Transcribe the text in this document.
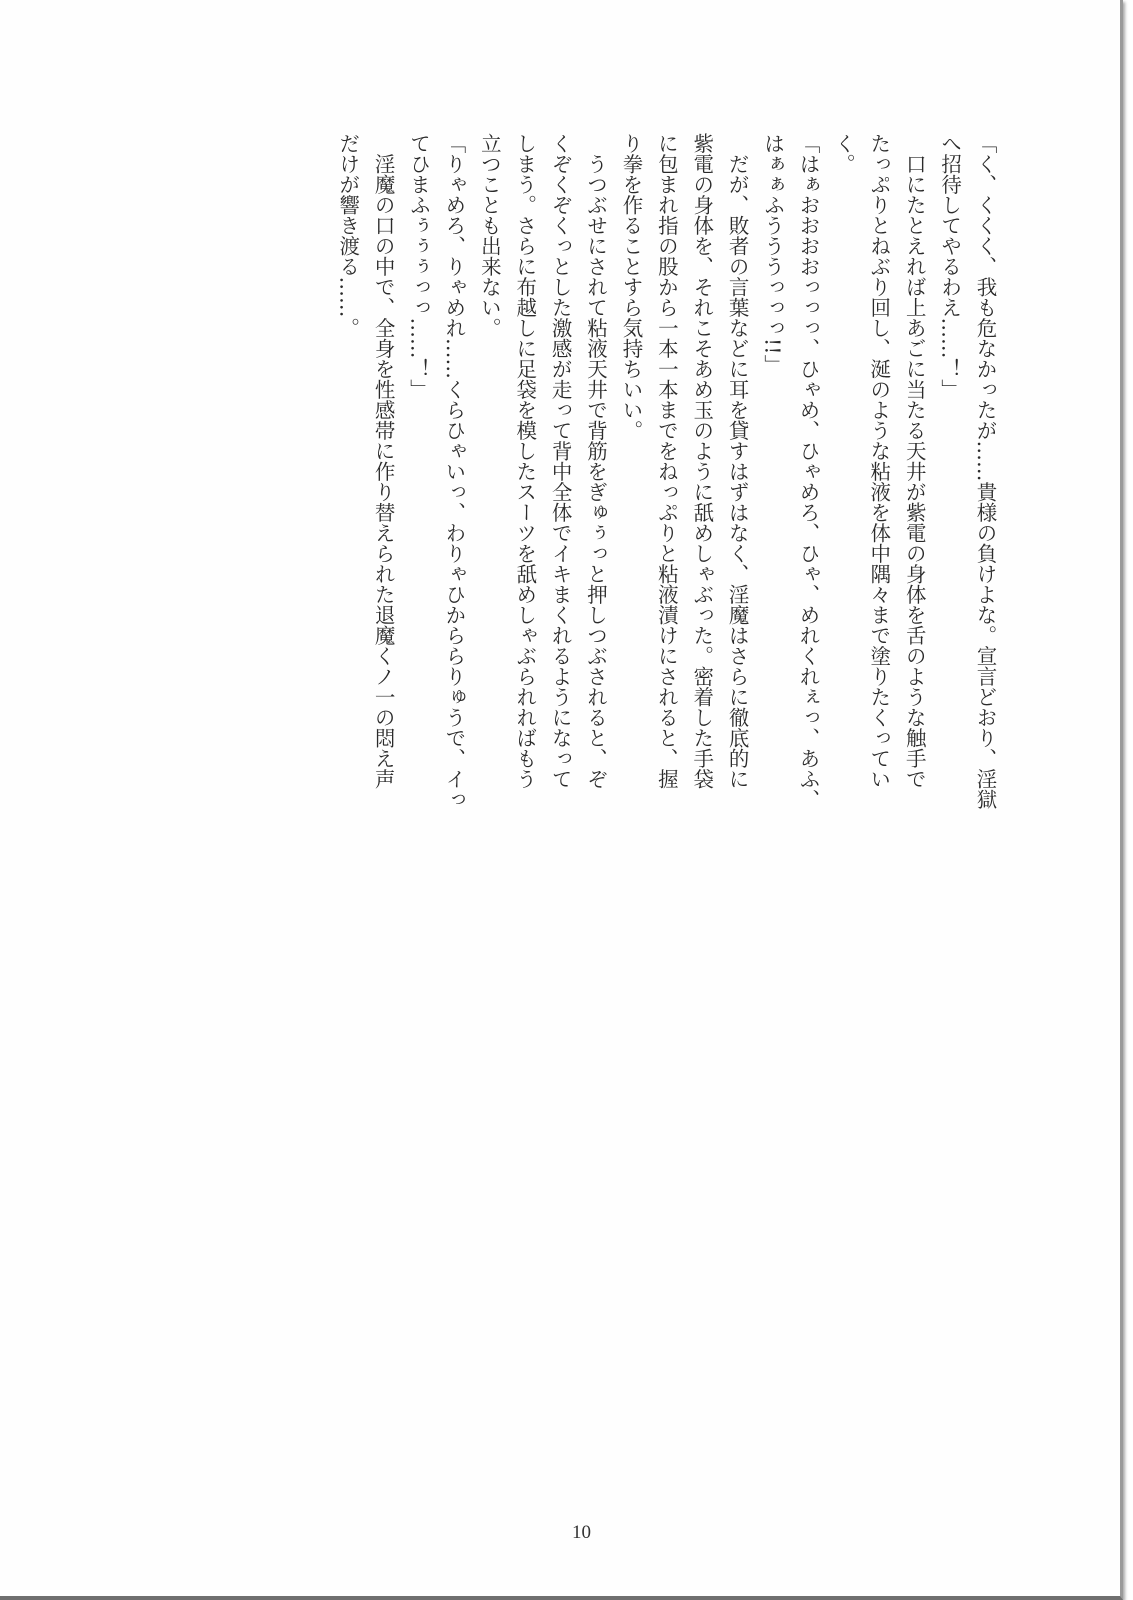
「く、くくく、我も危なかったが……貴様の負けよな。宣言どおり、淫獄
へ招待してやるわえ……！」
　口にたとえれば上あごに当たる天井が紫電の身体を舌のような触手で
たっぷりとねぶり回し、涎のような粘液を体中隅々まで塗りたくってい
く。
「はぁおおおおっっっ、ひゃめ、ひゃめろ、ひゃ、めれくれぇっ、あふ、
はぁぁふうううっっっ!!」
　だが、敗者の言葉などに耳を貸すはずはなく、淫魔はさらに徹底的に
紫電の身体を、それこそあめ玉のように舐めしゃぶった。密着した手袋
に包まれ指の股から一本一本までをねっぷりと粘液漬けにされると、握
り拳を作ることすら気持ちいい。
　うつぶせにされて粘液天井で背筋をぎゅぅっと押しつぶされると、ぞ
くぞくぞくっとした激感が走って背中全体でイキまくれるようになって
しまう。さらに布越しに足袋を模したスーツを舐めしゃぶられればもう
立つことも出来ない。
「りゃめろ、りゃめれ……くらひゃいっ、わりゃひかららりゅうで、イっ
てひまふぅぅぅっっ……！」
　淫魔の口の中で、全身を性感帯に作り替えられた退魔くノ一の悶え声
だけが響き渡る……。
10
